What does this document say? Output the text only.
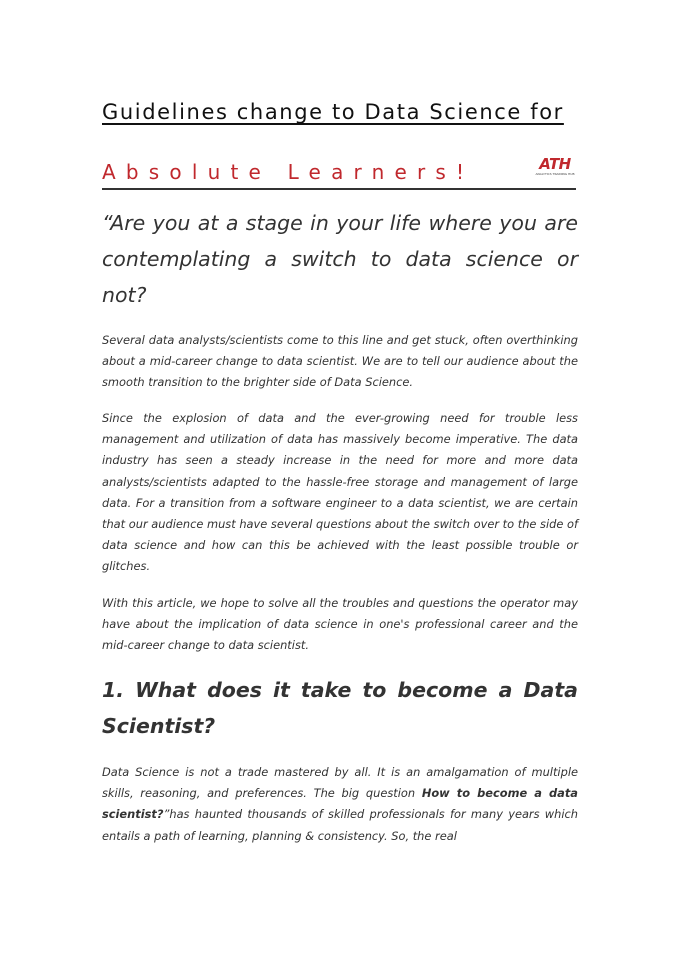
Guidelines change to Data Science for
Absolute Learners!	ATH
ANALYTICS TRAINING HUB
“Are you at a stage in your life where you are contemplating a switch to data science or not?
Several data analysts/scientists come to this line and get stuck, often overthinking about a mid-career change to data scientist. We are to tell our audience about the smooth transition to the brighter side of Data Science.
Since the explosion of data and the ever-growing need for trouble less management and utilization of data has massively become imperative. The data industry has seen a steady increase in the need for more and more data analysts/scientists adapted to the hassle-free storage and management of large data. For a transition from a software engineer to a data scientist, we are certain that our audience must have several questions about the switch over to the side of data science and how can this be achieved with the least possible trouble or glitches.
With this article, we hope to solve all the troubles and questions the operator may have about the implication of data science in one's professional career and the mid-career change to data scientist.
1. What does it take to become a Data Scientist?
Data Science is not a trade mastered by all. It is an amalgamation of multiple skills, reasoning, and preferences. The big question How to become a data scientist?”has haunted thousands of skilled professionals for many years which entails a path of learning, planning & consistency. So, the real
